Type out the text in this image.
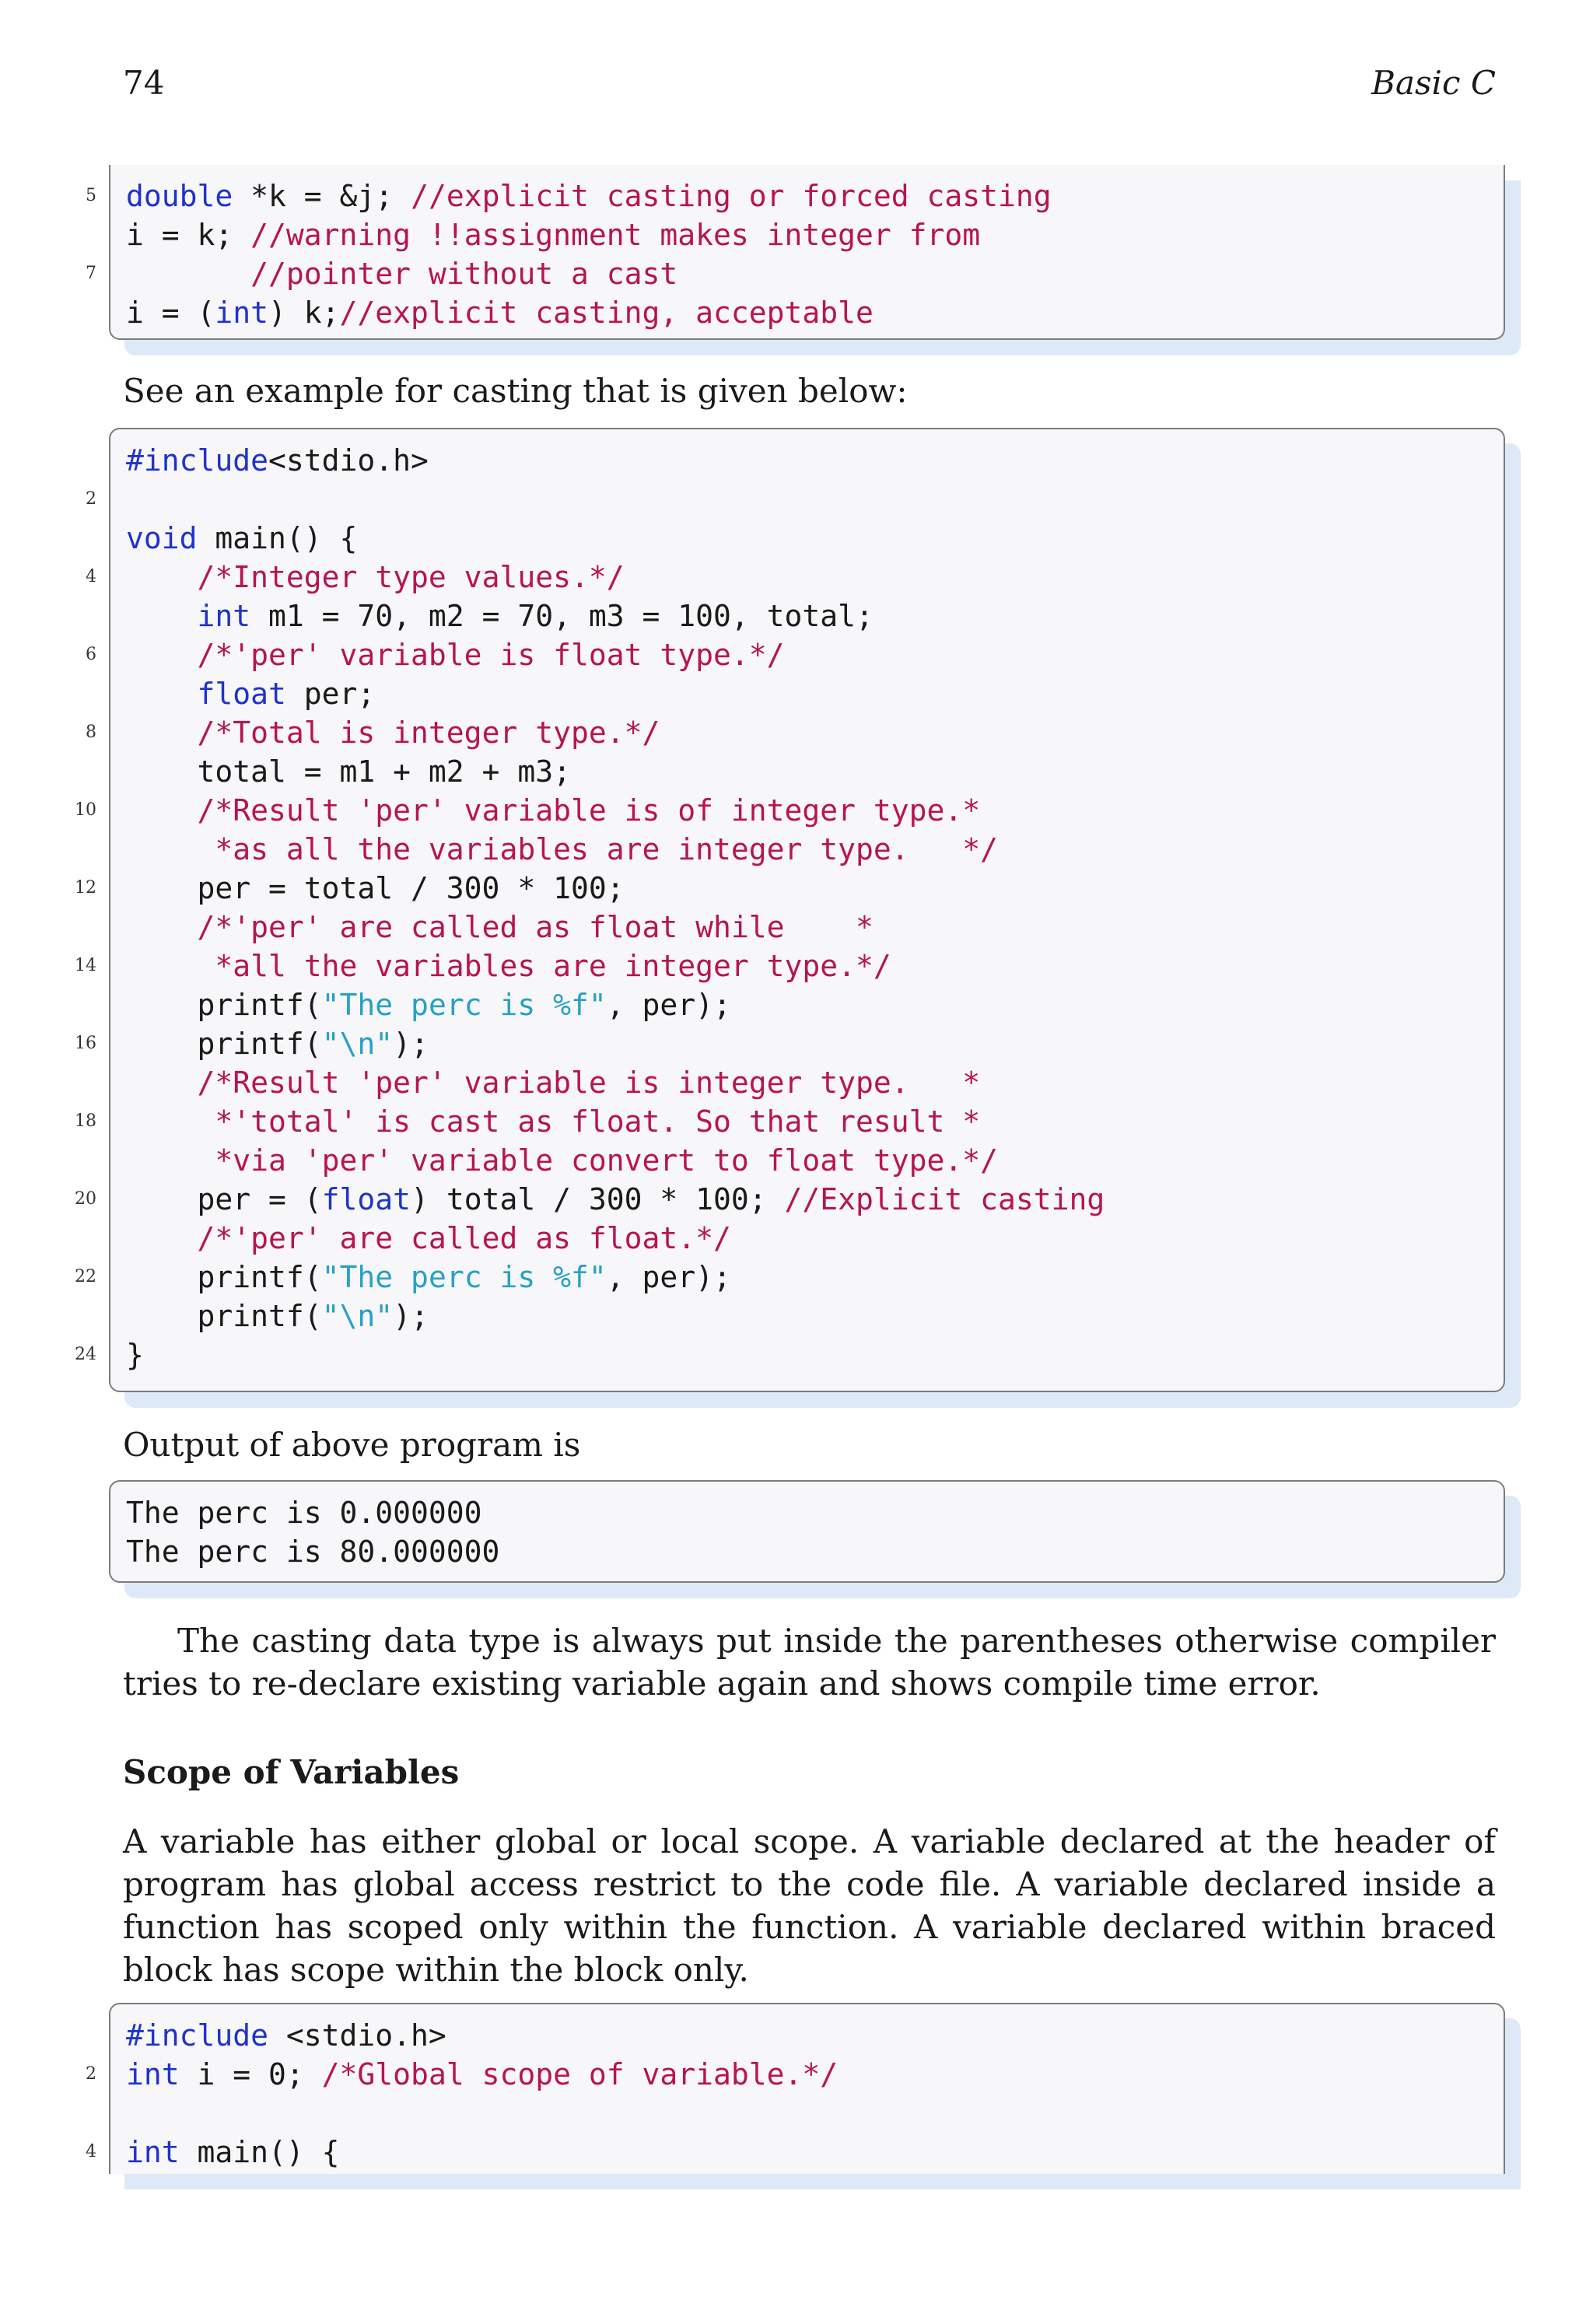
74	Basic C
5 double *k = &j; //explicit casting or forced casting
i = k; //warning !!assignment makes integer from
7	//pointer without a cast
i = (int) k;//explicit casting, acceptable
See an example for casting that is given below:
#include<stdio.h>
2
void main() {
4	/*Integer type values.*/
int m1 = 70, m2 = 70, m3 = 100, total;
6	/*'per' variable is float type.*/
float per;
8	/*Total is integer type.*/
total = m1 + m2 + m3;
10	/*Result 'per' variable is of integer type.*
*as all the variables are integer type.   */
12 per = total / 300 * 100;
/*'per' are called as float while    *
14	*all the variables are integer type.*/
printf("The perc is %f", per);
16 printf("\n");
/*Result 'per' variable is integer type.   *
18	*'total' is cast as float. So that result *
*via 'per' variable convert to float type.*/
20 per = (float) total / 300 * 100; //Explicit casting
/*'per' are called as float.*/
22 printf("The perc is %f", per);
printf("\n");
24 }
Output of above program is
The perc is 0.000000
The perc is 80.000000
The casting data type is always put inside the parentheses otherwise compiler tries to re-declare existing variable again and shows compile time error.
Scope of Variables
A variable has either global or local scope. A variable declared at the header of program has global access restrict to the code file. A variable declared inside a function has scoped only within the function. A variable declared within braced block has scope within the block only.
#include <stdio.h>
2 int i = 0; /*Global scope of variable.*/
4 int main() {
